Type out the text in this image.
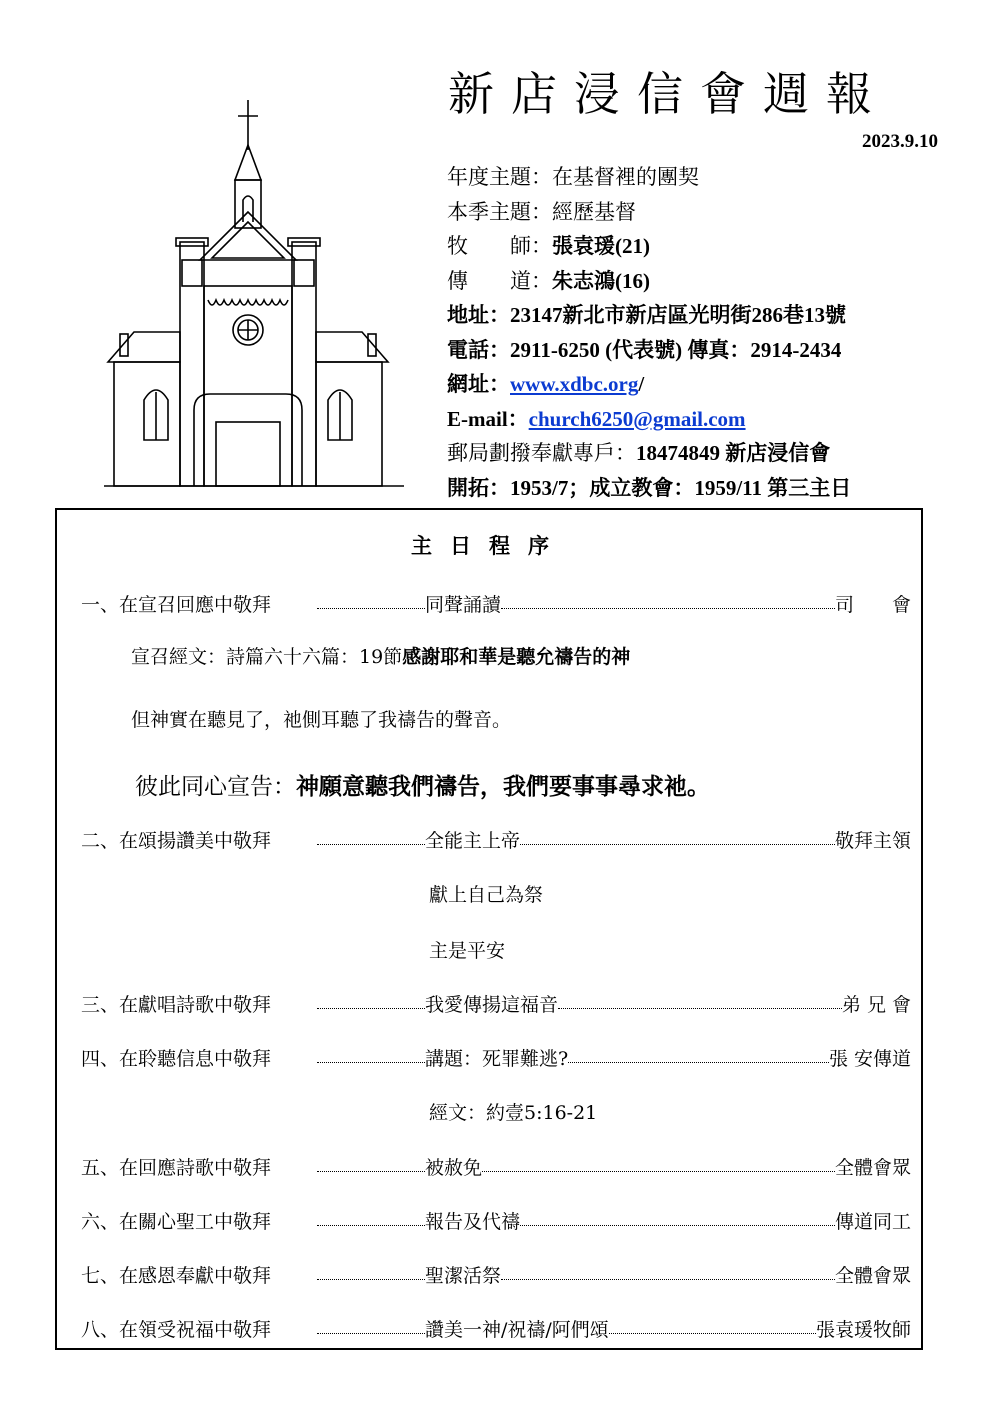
新店浸信會週報
2023.9.10
年度主題：在基督裡的團契
本季主題：經歷基督
牧　　師：張袁瑗(21)
傳　　道：朱志鴻(16)
地址：23147新北市新店區光明街286巷13號
電話：2911-6250 (代表號) 傳真：2914-2434
網址：www.xdbc.org/
E-mail：church6250@gmail.com
郵局劃撥奉獻專戶：18474849 新店浸信會
開拓：1953/7；成立教會：1959/11 第三主日
主日程序
一、在宣召回應中敬拜	同聲誦讀	司　　會
宣召經文：詩篇六十六篇：19節感謝耶和華是聽允禱告的神
但神實在聽見了，祂側耳聽了我禱告的聲音。
彼此同心宣告：神願意聽我們禱告，我們要事事尋求祂。
二、在頌揚讚美中敬拜	全能主上帝	敬拜主領
獻上自己為祭
主是平安
三、在獻唱詩歌中敬拜	我愛傳揚這福音	弟 兄 會
四、在聆聽信息中敬拜	講題：死罪難逃?	張 安傳道
經文：約壹5:16-21
五、在回應詩歌中敬拜	被赦免	全體會眾
六、在關心聖工中敬拜	報告及代禱	傳道同工
七、在感恩奉獻中敬拜	聖潔活祭	全體會眾
八、在領受祝福中敬拜	讚美一神/祝禱/阿們頌	張袁瑗牧師
